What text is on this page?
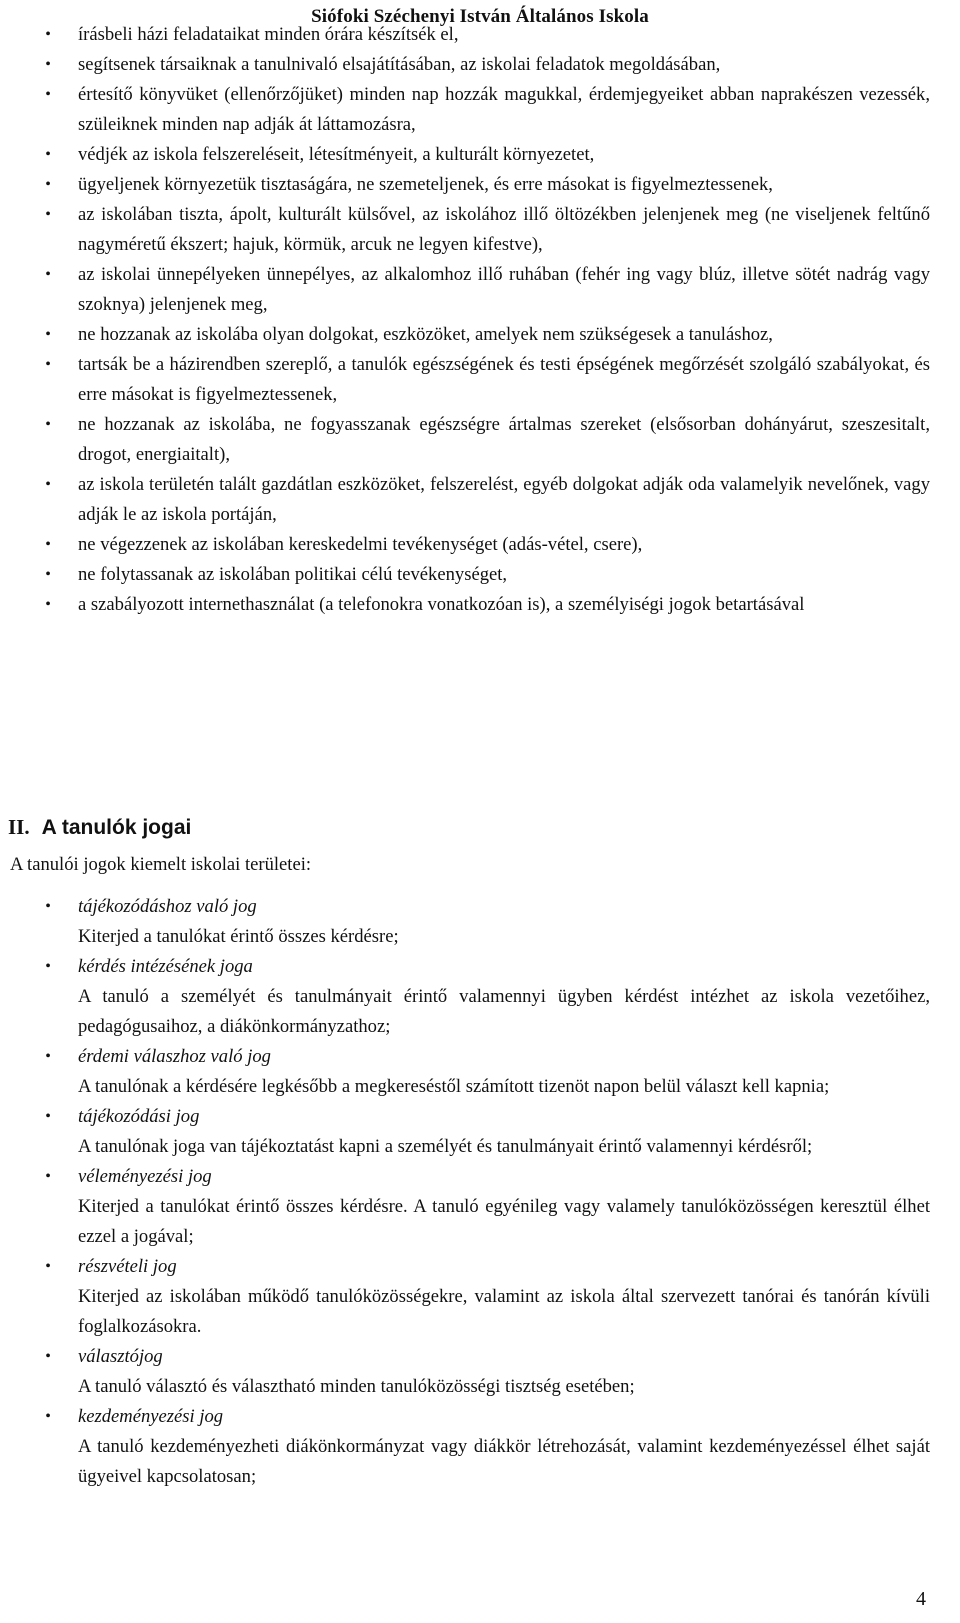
Siófoki Széchenyi István Általános Iskola
•	írásbeli házi feladataikat minden órára készítsék el,
•	segítsenek társaiknak a tanulnivaló elsajátításában, az iskolai feladatok megoldásában,
•	értesítő könyvüket (ellenőrzőjüket) minden nap hozzák magukkal, érdemjegyeiket abban naprakészen vezessék, szüleiknek minden nap adják át láttamozásra,
•	védjék az iskola felszereléseit, létesítményeit, a kulturált környezetet,
•	ügyeljenek környezetük tisztaságára, ne szemeteljenek, és erre másokat is figyelmeztessenek,
•	az iskolában tiszta, ápolt, kulturált külsővel, az iskolához illő öltözékben jelenjenek meg (ne viseljenek feltűnő nagyméretű ékszert; hajuk, körmük, arcuk ne legyen kifestve),
•	az iskolai ünnepélyeken ünnepélyes, az alkalomhoz illő ruhában (fehér ing vagy blúz, illetve sötét nadrág vagy szoknya) jelenjenek meg,
•	ne hozzanak az iskolába olyan dolgokat, eszközöket, amelyek nem szükségesek a tanuláshoz,
•	tartsák be a házirendben szereplő, a tanulók egészségének és testi épségének megőrzését szolgáló szabályokat, és erre másokat is figyelmeztessenek,
•	ne hozzanak az iskolába, ne fogyasszanak egészségre ártalmas szereket (elsősorban dohányárut, szeszesitalt, drogot, energiaitalt),
•	az iskola területén talált gazdátlan eszközöket, felszerelést, egyéb dolgokat adják oda valamelyik nevelőnek, vagy adják le az iskola portáján,
•	ne végezzenek az iskolában kereskedelmi tevékenységet (adás-vétel, csere),
•	ne folytassanak az iskolában politikai célú tevékenységet,
•	a szabályozott internethasználat (a telefonokra vonatkozóan is), a személyiségi jogok betartásával
II. A tanulók jogai
A tanulói jogok kiemelt iskolai területei:
•	tájékozódáshoz való jog
Kiterjed a tanulókat érintő összes kérdésre;
•	kérdés intézésének joga
A tanuló a személyét és tanulmányait érintő valamennyi ügyben kérdést intézhet az iskola vezetőihez, pedagógusaihoz, a diákönkormányzathoz;
•	érdemi válaszhoz való jog
A tanulónak a kérdésére legkésőbb a megkereséstől számított tizenöt napon belül választ kell kapnia;
•	tájékozódási jog
A tanulónak joga van tájékoztatást kapni a személyét és tanulmányait érintő valamennyi kérdésről;
•	véleményezési jog
Kiterjed a tanulókat érintő összes kérdésre. A tanuló egyénileg vagy valamely tanulóközösségen keresztül élhet ezzel a jogával;
•	részvételi jog
Kiterjed az iskolában működő tanulóközösségekre, valamint az iskola által szervezett tanórai és tanórán kívüli foglalkozásokra.
•	választójog
A tanuló választó és választható minden tanulóközösségi tisztség esetében;
•	kezdeményezési jog
A tanuló kezdeményezheti diákönkormányzat vagy diákkör létrehozását, valamint kezdeményezéssel élhet saját ügyeivel kapcsolatosan;
4
